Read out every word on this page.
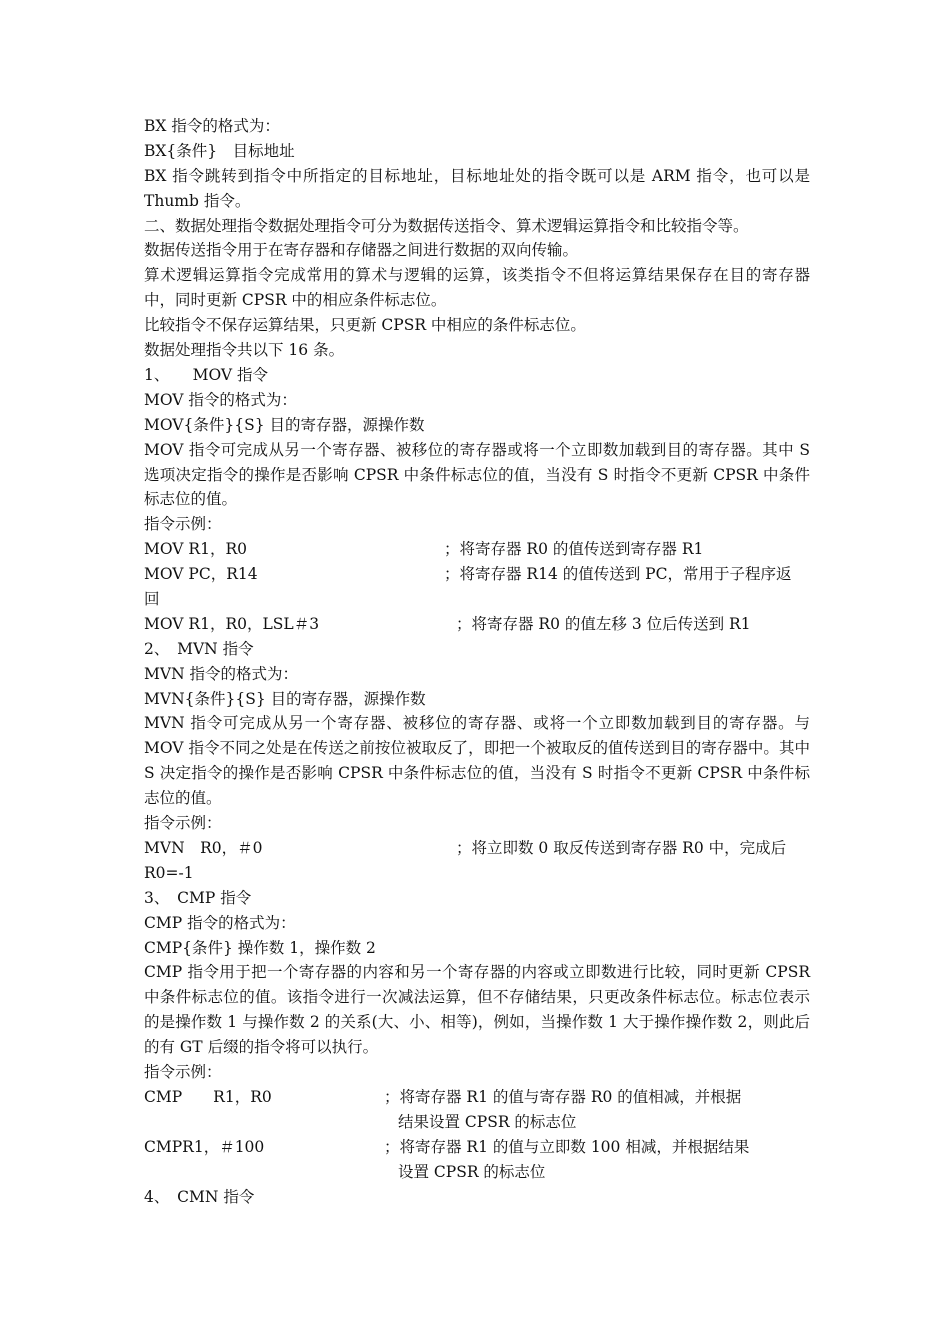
BX 指令的格式为：
BX{条件}　目标地址
BX 指令跳转到指令中所指定的目标地址，目标地址处的指令既可以是 ARM 指令，也可以是 Thumb 指令。
二、数据处理指令数据处理指令可分为数据传送指令、算术逻辑运算指令和比较指令等。
数据传送指令用于在寄存器和存储器之间进行数据的双向传输。
算术逻辑运算指令完成常用的算术与逻辑的运算，该类指令不但将运算结果保存在目的寄存器中，同时更新 CPSR 中的相应条件标志位。
比较指令不保存运算结果，只更新 CPSR 中相应的条件标志位。
数据处理指令共以下 16 条。
1、　　MOV 指令
MOV 指令的格式为：
MOV{条件}{S} 目的寄存器，源操作数
MOV 指令可完成从另一个寄存器、被移位的寄存器或将一个立即数加载到目的寄存器。其中 S 选项决定指令的操作是否影响 CPSR 中条件标志位的值，当没有 S 时指令不更新 CPSR 中条件标志位的值。
指令示例：
MOV R1，R0	；将寄存器 R0 的值传送到寄存器 R1
MOV PC，R14	；将寄存器 R14 的值传送到 PC，常用于子程序返
回
MOV R1，R0，LSL＃3	；将寄存器 R0 的值左移 3 位后传送到 R1
2、　MVN 指令
MVN 指令的格式为：
MVN{条件}{S} 目的寄存器，源操作数
MVN 指令可完成从另一个寄存器、被移位的寄存器、或将一个立即数加载到目的寄存器。与 MOV 指令不同之处是在传送之前按位被取反了，即把一个被取反的值传送到目的寄存器中。其中 S 决定指令的操作是否影响 CPSR 中条件标志位的值，当没有 S 时指令不更新 CPSR 中条件标志位的值。
指令示例：
MVN　R0，＃0	；将立即数 0 取反传送到寄存器 R0 中，完成后
R0=-1
3、　CMP 指令
CMP 指令的格式为：
CMP{条件} 操作数 1，操作数 2
CMP 指令用于把一个寄存器的内容和另一个寄存器的内容或立即数进行比较，同时更新 CPSR 中条件标志位的值。该指令进行一次减法运算，但不存储结果，只更改条件标志位。标志位表示的是操作数 1 与操作数 2 的关系(大、小、相等)，例如，当操作数 1 大于操作操作数 2，则此后的有 GT 后缀的指令将可以执行。
指令示例：
CMP　　R1，R0	；将寄存器 R1 的值与寄存器 R0 的值相减，并根据
结果设置 CPSR 的标志位
CMPR1，＃100	；将寄存器 R1 的值与立即数 100 相减，并根据结果
设置 CPSR 的标志位
4、　CMN 指令
